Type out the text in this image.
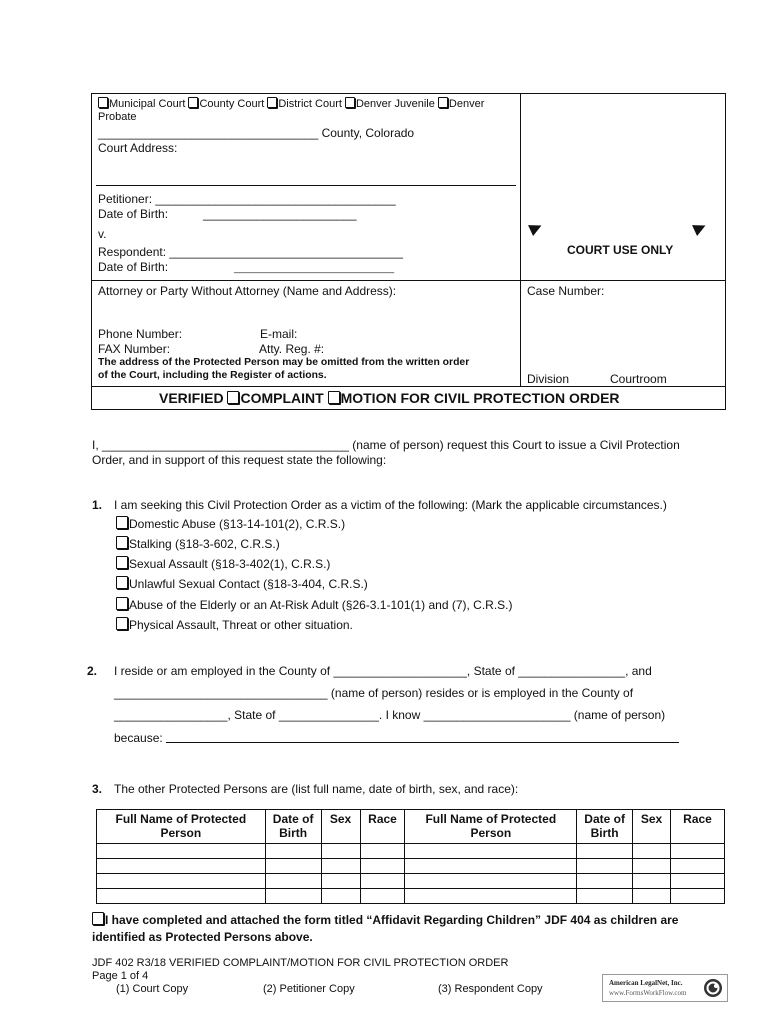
Municipal Court County Court District Court Denver Juvenile Denver
Probate
_________________________________ County, Colorado
Court Address:
Petitioner: ____________________________________
Date of Birth:	_______________________
v.
Respondent: ___________________________________
Date of Birth:	________________________________
COURT USE ONLY
Attorney or Party Without Attorney (Name and Address):	Case Number:
Phone Number:	E-mail:
FAX Number:	Atty. Reg. #:
The address of the Protected Person may be omitted from the written order
of the Court, including the Register of actions.	Division	Courtroom
VERIFIED COMPLAINT MOTION FOR CIVIL PROTECTION ORDER
I, _____________________________________ (name of person) request this Court to issue a Civil Protection
Order, and in support of this request state the following:
1. I am seeking this Civil Protection Order as a victim of the following: (Mark the applicable circumstances.)
Domestic Abuse (§13-14-101(2), C.R.S.)
Stalking (§18-3-602, C.R.S.)
Sexual Assault (§18-3-402(1), C.R.S.)
Unlawful Sexual Contact (§18-3-404, C.R.S.)
Abuse of the Elderly or an At-Risk Adult (§26-3.1-101(1) and (7), C.R.S.)
Physical Assault, Threat or other situation.
2. I reside or am employed in the County of ____________________, State of ________________, and
________________________________ (name of person) resides or is employed in the County of
_________________, State of _______________. I know ______________________ (name of person)
because:
3. The other Protected Persons are (list full name, date of birth, sex, and race):
Full Name of Protected Person	Date of Birth	Sex	Race	Full Name of Protected Person	Date of Birth	Sex	Race

I have completed and attached the form titled “Affidavit Regarding Children” JDF 404 as children are
identified as Protected Persons above.
JDF 402 R3/18 VERIFIED COMPLAINT/MOTION FOR CIVIL PROTECTION ORDER
Page 1 of 4
(1) Court Copy	(2) Petitioner Copy	(3) Respondent Copy	American LegalNet, Inc.
www.FormsWorkFlow.com
